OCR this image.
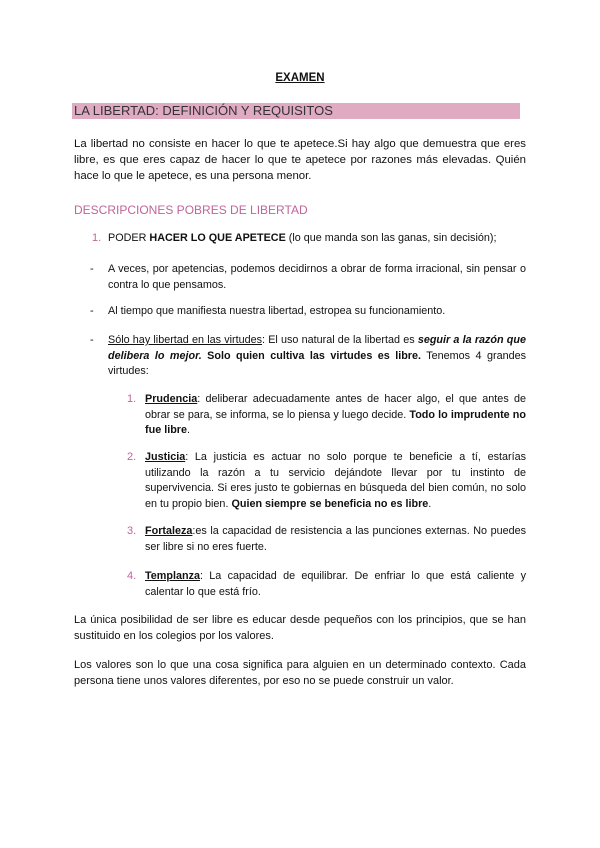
EXAMEN
LA LIBERTAD: DEFINICIÓN Y REQUISITOS

La libertad no consiste en hacer lo que te apetece.Si hay algo que demuestra que eres libre, es que eres capaz de hacer lo que te apetece por razones más elevadas. Quién hace lo que le apetece, es una persona menor.

DESCRIPCIONES POBRES DE LIBERTAD
1. PODER HACER LO QUE APETECE (lo que manda son las ganas, sin decisión);

- A veces, por apetencias, podemos decidirnos a obrar de forma irracional, sin pensar o contra lo que pensamos.

- Al tiempo que manifiesta nuestra libertad, estropea su funcionamiento.

- Sólo hay libertad en las virtudes: El uso natural de la libertad es seguir a la razón que delibera lo mejor. Solo quien cultiva las virtudes es libre. Tenemos 4 grandes virtudes:

1. Prudencia: deliberar adecuadamente antes de hacer algo, el que antes de obrar se para, se informa, se lo piensa y luego decide. Todo lo imprudente no fue libre.

2. Justicia: La justicia es actuar no solo porque te beneficie a tí, estarías utilizando la razón a tu servicio dejándote llevar por tu instinto de supervivencia. Si eres justo te gobiernas en búsqueda del bien común, no solo en tu propio bien. Quien siempre se beneficia no es libre.

3. Fortaleza:es la capacidad de resistencia a las punciones externas. No puedes ser libre si no eres fuerte.

4. Templanza: La capacidad de equilibrar. De enfriar lo que está caliente y calentar lo que está frío.

La única posibilidad de ser libre es educar desde pequeños con los principios, que se han sustituido en los colegios por los valores.

Los valores son lo que una cosa significa para alguien en un determinado contexto. Cada persona tiene unos valores diferentes, por eso no se puede construir un valor.
